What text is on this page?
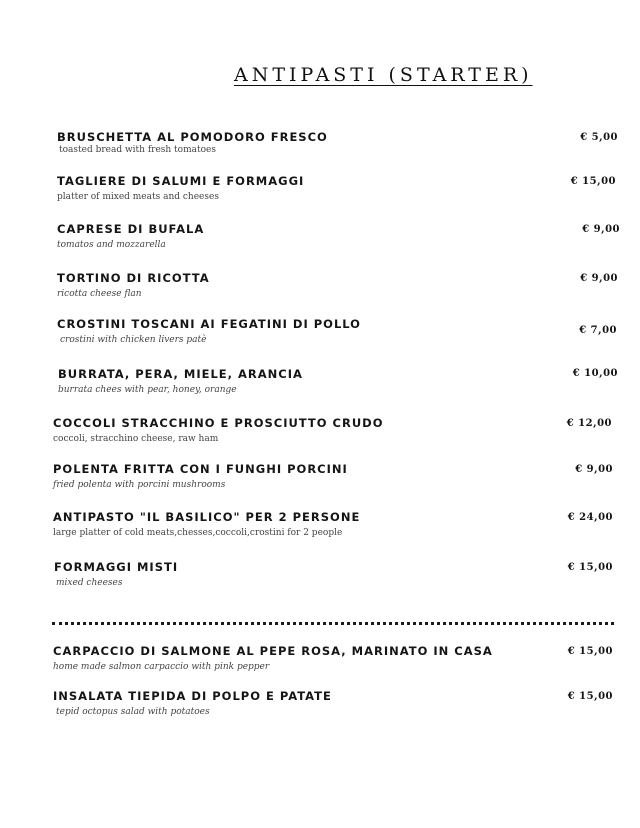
ANTIPASTI (STARTER)
BRUSCHETTA AL POMODORO FRESCO
toasted bread with fresh tomatoes
€ 5,00
TAGLIERE DI SALUMI E FORMAGGI
platter of mixed meats and cheeses
€ 15,00
CAPRESE DI BUFALA
tomatos and mozzarella
€ 9,00
TORTINO DI RICOTTA
ricotta cheese flan
€ 9,00
CROSTINI TOSCANI AI FEGATINI DI POLLO
crostini with chicken livers patè
€ 7,00
BURRATA, PERA, MIELE, ARANCIA
burrata chees with pear, honey, orange
€ 10,00
COCCOLI STRACCHINO E PROSCIUTTO CRUDO
coccoli, stracchino cheese, raw ham
€ 12,00
POLENTA FRITTA CON I FUNGHI PORCINI
fried polenta with porcini mushrooms
€ 9,00
ANTIPASTO "IL BASILICO" PER 2 PERSONE
large platter of cold meats,chesses,coccoli,crostini for 2 people
€ 24,00
FORMAGGI MISTI
mixed cheeses
€ 15,00
CARPACCIO DI SALMONE AL PEPE ROSA, MARINATO IN CASA
home made salmon carpaccio with pink pepper
€ 15,00
INSALATA TIEPIDA DI POLPO E PATATE
tepid octopus salad with potatoes
€ 15,00
